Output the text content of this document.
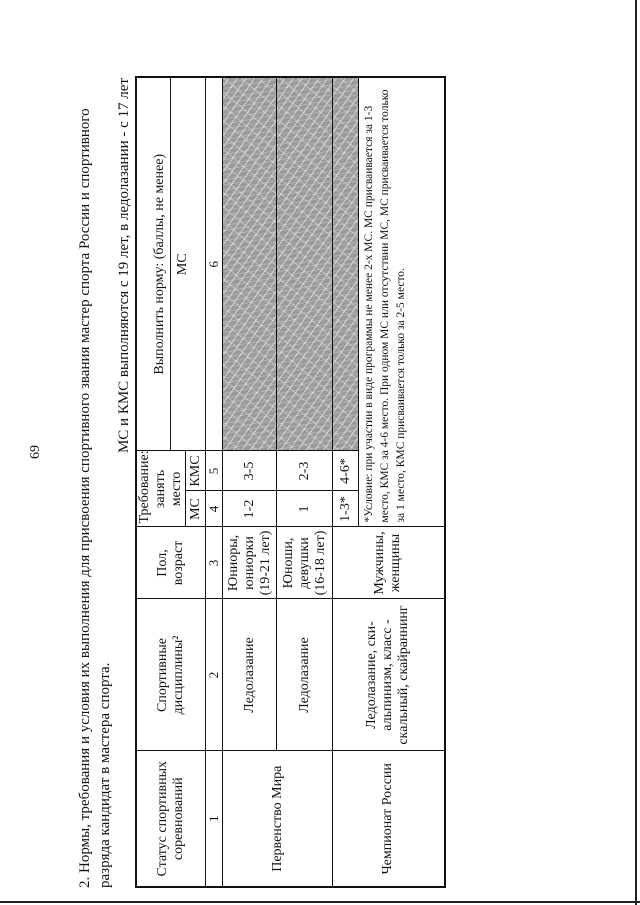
69 2. Нормы, требования и условия их выполнения для присвоения спортивного звания мастер спорта России и спортивного разряда кандидат в мастера спорта.

МС и КМС выполняются с 19 лет, в ледолазании - с 17 лет
Статус спортивных соревнований	Спортивные дисциплины²	Пол, возраст	Требование: занять место		Выполнить норму: (баллы, не менее) МС

			МС	КМС	
1	2	3	4	5	6
Первенство Мира	Ледолазание	Юниоры, юниорки (19-21 лет)	1-2	3-5	
	Ледолазание	Юноши, девушки (16-18 лет)	1	2-3	
Чемпионат России	Ледолазание, ски-альпинизм, класс - скальный, скайраннинг	Мужчины, женщины	1-3*	4-6*	
			*Условие: при участии в виде программы не менее 2-х МС. МС присваивается за 1-3 место, КМС за 4-6 место. При одном МС или отсутствии МС, МС присваивается только за 1 место, КМС присваивается только за 2-5 место.		
